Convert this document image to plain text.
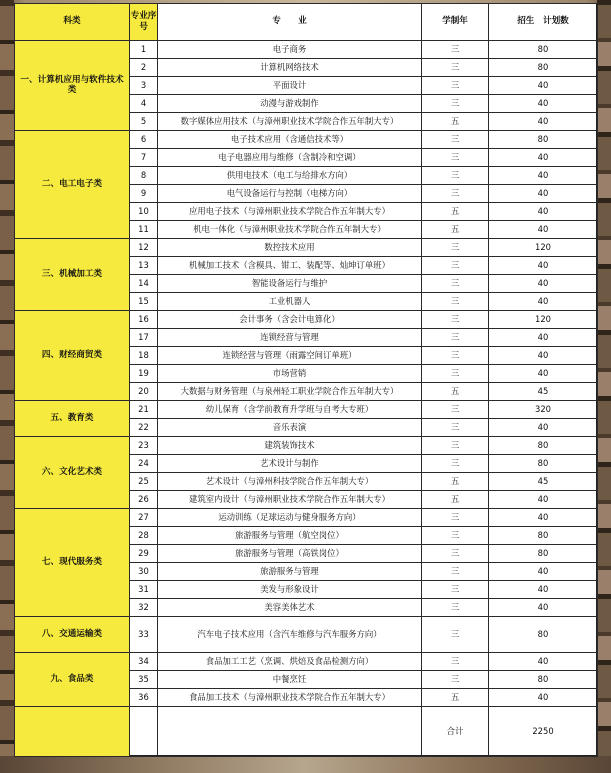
科类	专业序号	专　　业	学制年	招生　计划数
一、计算机应用与软件技术类	1	电子商务	三	80
	2	计算机网络技术	三	80
	3	平面设计	三	40
	4	动漫与游戏制作	三	40
	5	数字媒体应用技术（与漳州职业技术学院合作五年制大专）	五	40
二、电工电子类	6	电子技术应用（含通信技术等）	三	80
	7	电子电器应用与维修（含制冷和空调）	三	40
	8	供用电技术（电工与给排水方向）	三	40
	9	电气设备运行与控制（电梯方向）	三	40
	10	应用电子技术（与漳州职业技术学院合作五年制大专）	五	40
	11	机电一体化（与漳州职业技术学院合作五年制大专）	五	40
三、机械加工类	12	数控技术应用	三	120
	13	机械加工技术（含模具、钳工、装配等、灿坤订单班）	三	40
	14	智能设备运行与维护	三	40
	15	工业机器人	三	40
四、财经商贸类	16	会计事务（含会计电算化）	三	120
	17	连锁经营与管理	三	40
	18	连锁经营与管理（雨露空间订单班）	三	40
	19	市场营销	三	40
	20	大数据与财务管理（与泉州轻工职业学院合作五年制大专）	五	45
五、教育类	21	幼儿保育（含学前教育升学班与自考大专班）	三	320
	22	音乐表演	三	40
六、文化艺术类	23	建筑装饰技术	三	80
	24	艺术设计与制作	三	80
	25	艺术设计（与漳州科技学院合作五年制大专）	五	45
	26	建筑室内设计（与漳州职业技术学院合作五年制大专）	五	40
七、现代服务类	27	运动训练（足球运动与健身服务方向）	三	40
	28	旅游服务与管理（航空岗位）	三	80
	29	旅游服务与管理（高铁岗位）	三	80
	30	旅游服务与管理	三	40
	31	美发与形象设计	三	40
	32	美容美体艺术	三	40
八、交通运输类	33	汽车电子技术应用（含汽车维修与汽车服务方向）	三	80
九、食品类	34	食品加工工艺（烹调、烘焙及食品检测方向）	三	40
	35	中餐烹饪	三	80
	36	食品加工技术（与漳州职业技术学院合作五年制大专）	五	40
			合计	2250
